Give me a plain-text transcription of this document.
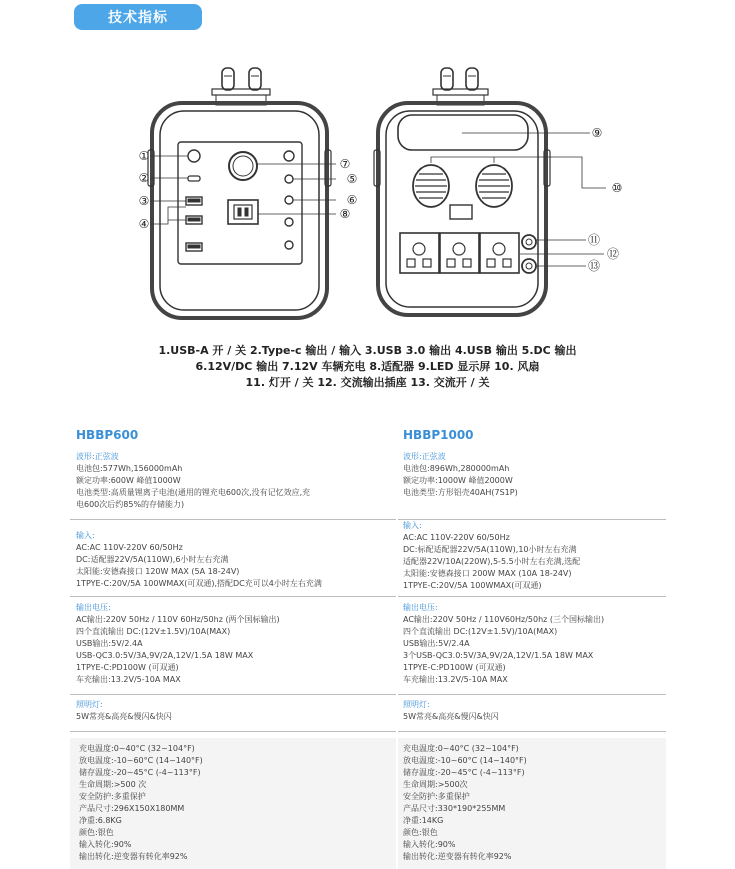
技术指标
①
②
③
④
⑤
⑥
⑦
⑧
⑨
⑩
⑪
⑫
⑬
1.USB-A 开 / 关 2.Type-c 输出 / 输入 3.USB 3.0 输出 4.USB 输出 5.DC 输出
6.12V/DC 输出 7.12V 车辆充电 8.适配器 9.LED 显示屏 10. 风扇
11. 灯开 / 关 12. 交流输出插座 13. 交流开 / 关
HBBP600
波形:正弦波
电池包:577Wh,156000mAh
额定功率:600W 峰值1000W
电池类型:高质量锂离子电池(通用的锂充电600次,没有记忆效应,充
电600次后约85%的存储能力)
输入:
AC:AC 110V-220V 60/50Hz
DC:适配器22V/5A(110W),6小时左右充满
太阳能:安德森接口 120W MAX (5A 18-24V)
1TPYE-C:20V/5A 100WMAX(可双通),搭配DC充可以4小时左右充满
输出电压:
AC输出:220V 50Hz / 110V 60Hz/50hz (两个国标输出)
四个直流输出 DC:(12V±1.5V)/10A(MAX)
USB输出:5V/2.4A
USB-QC3.0:5V/3A,9V/2A,12V/1.5A 18W MAX
1TPYE-C:PD100W (可双通)
车充输出:13.2V/5-10A MAX
照明灯:
5W常亮&高亮&慢闪&快闪
充电温度:0~40°C (32~104°F)
放电温度:-10~60°C (14~140°F)
储存温度:-20~45°C (-4~113°F)
生命周期:>500 次
安全防护:多重保护
产品尺寸:296X150X180MM
净重:6.8KG
颜色:银色
输入转化:90%
输出转化:逆变器有转化率92%
HBBP1000
波形:正弦波
电池包:896Wh,280000mAh
额定功率:1000W 峰值2000W
电池类型:方形铝壳40AH(7S1P)
输入:
AC:AC 110V-220V 60/50Hz
DC:标配适配器22V/5A(110W),10小时左右充满
适配器22V/10A(220W),5-5.5小时左右充满,选配
太阳能:安德森接口 200W MAX (10A 18-24V)
1TPYE-C:20V/5A 100WMAX(可双通)
输出电压:
AC输出:220V 50Hz / 110V60Hz/50hz (三个国标输出)
四个直流输出 DC:(12V±1.5V)/10A(MAX)
USB输出:5V/2.4A
3个USB-QC3.0:5V/3A,9V/2A,12V/1.5A 18W MAX
1TPYE-C:PD100W (可双通)
车充输出:13.2V/5-10A MAX
照明灯:
5W常亮&高亮&慢闪&快闪
充电温度:0~40°C (32~104°F)
放电温度:-10~60°C (14~140°F)
储存温度:-20~45°C (-4~113°F)
生命周期:>500次
安全防护:多重保护
产品尺寸:330*190*255MM
净重:14KG
颜色:银色
输入转化:90%
输出转化:逆变器有转化率92%
